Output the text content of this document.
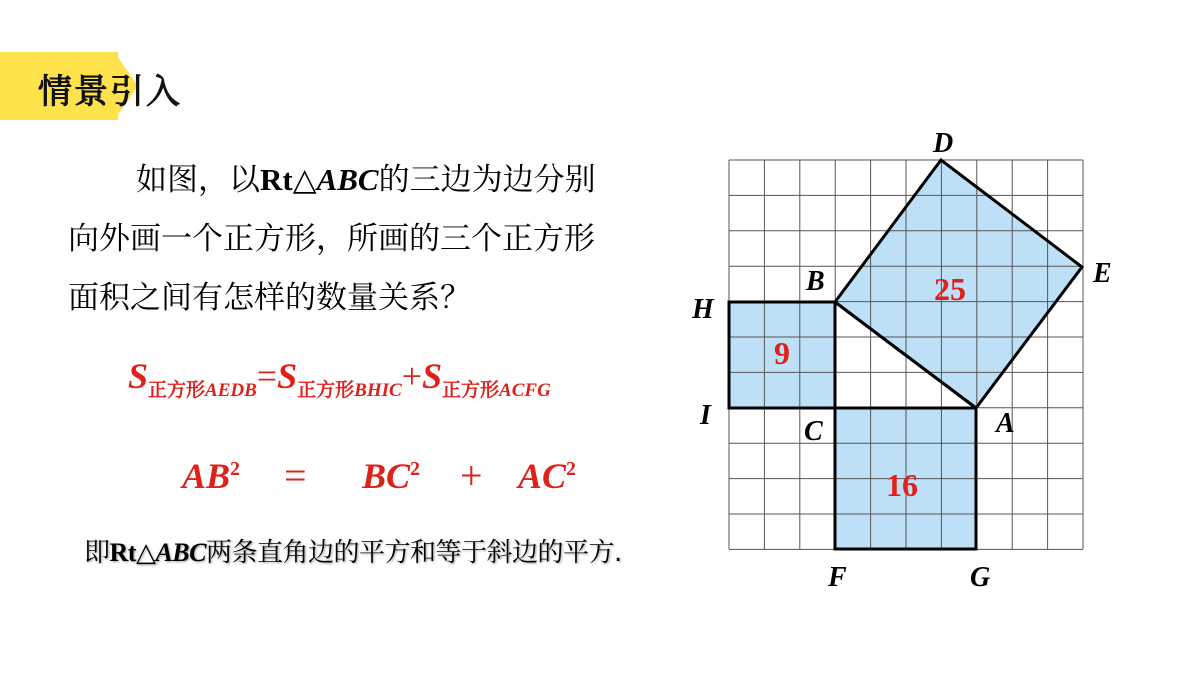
情景引入
如图，以Rt△ABC的三边为边分别
向外画一个正方形，所画的三个正方形
面积之间有怎样的数量关系？
$S_{正方形AEDB}=S_{正方形BHIC}+S_{正方形ACFG}$
$AB^2 = BC^2 + AC^2$
即Rt△ABC两条直角边的平方和等于斜边的平方.
D
E
B
H
I
C	A
F	G
25
9
16
